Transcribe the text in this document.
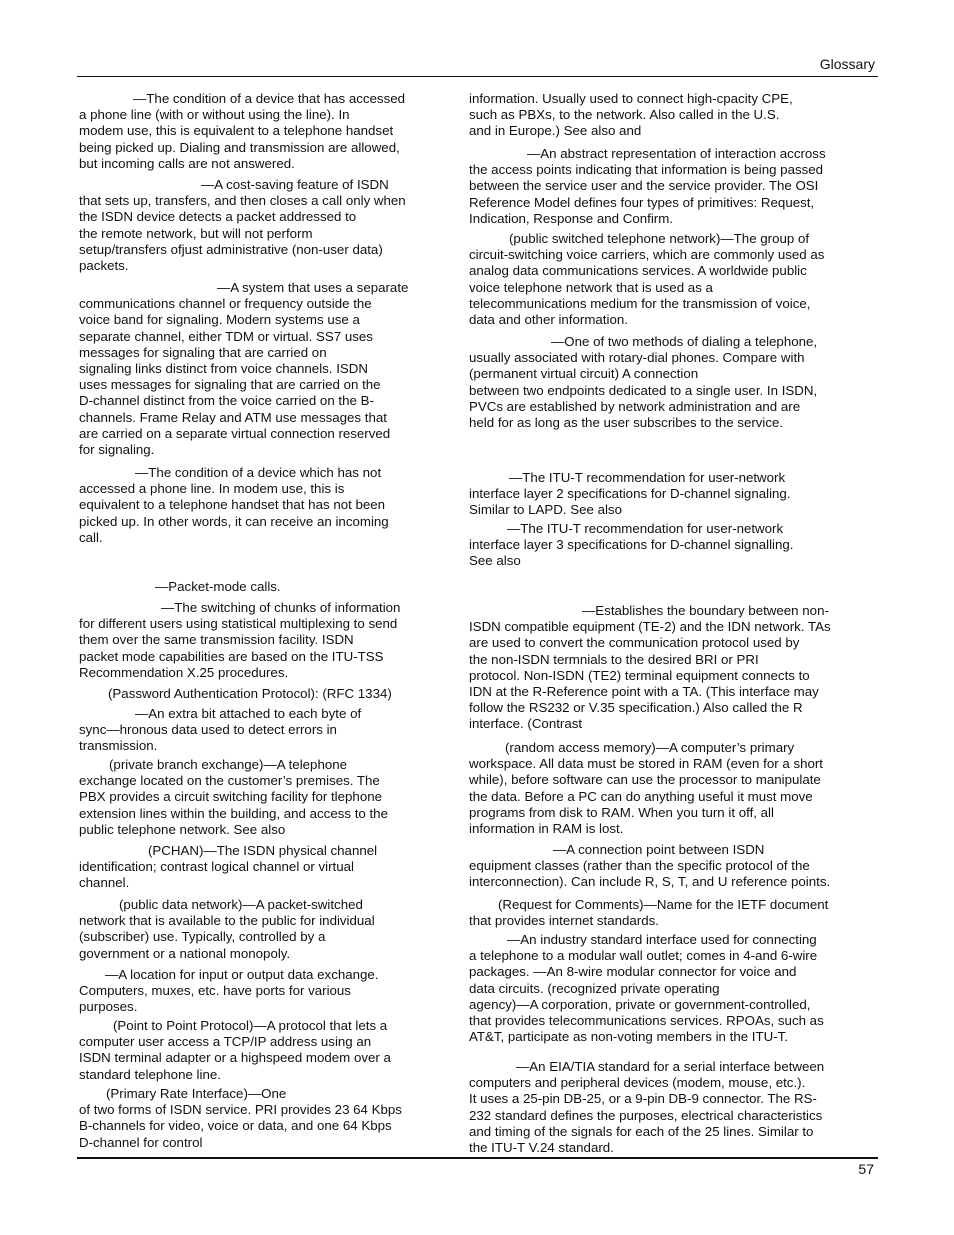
Glossary

—The condition of a device that has accessed

a phone line (with or without using the line). In

modem use, this is equivalent to a telephone handset

being picked up. Dialing and transmission are allowed,

but incoming calls are not answered.

—A cost-saving feature of ISDN

that sets up, transfers, and then closes a call only when

the ISDN device detects a packet addressed to

the remote network, but will not perform

setup/transfers ofjust administrative (non-user data)

packets.

—A system that uses a separate

communications channel or frequency outside the

voice band for signaling. Modern systems use a

separate channel, either TDM or virtual. SS7 uses

messages for signaling that are carried on

signaling links distinct from voice channels. ISDN

uses messages for signaling that are carried on the

D-channel distinct from the voice carried on the B-

channels. Frame Relay and ATM use messages that

are carried on a separate virtual connection reserved

for signaling.

—The condition of a device which has not

accessed a phone line. In modem use, this is

equivalent to a telephone handset that has not been

picked up. In other words, it can receive an incoming

call.

—Packet-mode calls.

—The switching of chunks of information

for different users using statistical multiplexing to send

them over the same transmission facility. ISDN

packet mode capabilities are based on the ITU-TSS

Recommendation X.25 procedures.

(Password Authentication Protocol): (RFC 1334)

—An extra bit attached to each byte of

sync—hronous data used to detect errors in

transmission.

(private branch exchange)—A telephone

exchange located on the customer’s premises. The

PBX provides a circuit switching facility for tlephone

extension lines within the building, and access to the

public telephone network. See also

(PCHAN)—The ISDN physical channel

identification; contrast logical channel or virtual

channel.

(public data network)—A packet-switched

network that is available to the public for individual

(subscriber) use. Typically, controlled by a

government or a national monopoly.

—A location for input or output data exchange.

Computers, muxes, etc. have ports for various

purposes.

(Point to Point Protocol)—A protocol that lets a

computer user access a TCP/IP address using an

ISDN terminal adapter or a highspeed modem over a

standard telephone line.

(Primary Rate Interface)—One

of two forms of ISDN service. PRI provides 23 64 Kbps

B-channels for video, voice or data, and one 64 Kbps

D-channel for control

information. Usually used to connect high-cpacity CPE,

such as PBXs, to the network. Also called in the U.S.

and in Europe.) See also and

—An abstract representation of interaction accross

the access points indicating that information is being passed

between the service user and the service provider. The OSI

Reference Model defines four types of primitives: Request,

Indication, Response and Confirm.

(public switched telephone network)—The group of

circuit-switching voice carriers, which are commonly used as

analog data communications services. A worldwide public

voice telephone network that is used as a

telecommunications medium for the transmission of voice,

data and other information.

—One of two methods of dialing a telephone,

usually associated with rotary-dial phones. Compare with

(permanent virtual circuit) A connection

between two endpoints dedicated to a single user. In ISDN,

PVCs are established by network administration and are

held for as long as the user subscribes to the service.

—The ITU-T recommendation for user-network

interface layer 2 specifications for D-channel signaling.

Similar to LAPD. See also

—The ITU-T recommendation for user-network

interface layer 3 specifications for D-channel signalling.

See also

—Establishes the boundary between non-

ISDN compatible equipment (TE-2) and the IDN network. TAs

are used to convert the communication protocol used by

the non-ISDN termnials to the desired BRI or PRI

protocol. Non-ISDN (TE2) terminal equipment connects to

IDN at the R-Reference point with a TA. (This interface may

follow the RS232 or V.35 specification.) Also called the R

interface. (Contrast

(random access memory)—A computer’s primary

workspace. All data must be stored in RAM (even for a short

while), before software can use the processor to manipulate

the data. Before a PC can do anything useful it must move

programs from disk to RAM. When you turn it off, all

information in RAM is lost.

—A connection point between ISDN

equipment classes (rather than the specific protocol of the

interconnection). Can include R, S, T, and U reference points.

(Request for Comments)—Name for the IETF document

that provides internet standards.

—An industry standard interface used for connecting

a telephone to a modular wall outlet; comes in 4-and 6-wire

packages. —An 8-wire modular connector for voice and

data circuits. (recognized private operating

agency)—A corporation, private or government-controlled,

that provides telecommunications services. RPOAs, such as

AT&T, participate as non-voting members in the ITU-T.

—An EIA/TIA standard for a serial interface between

computers and peripheral devices (modem, mouse, etc.).

It uses a 25-pin DB-25, or a 9-pin DB-9 connector. The RS-

232 standard defines the purposes, electrical characteristics

and timing of the signals for each of the 25 lines. Similar to

the ITU-T V.24 standard.

57
